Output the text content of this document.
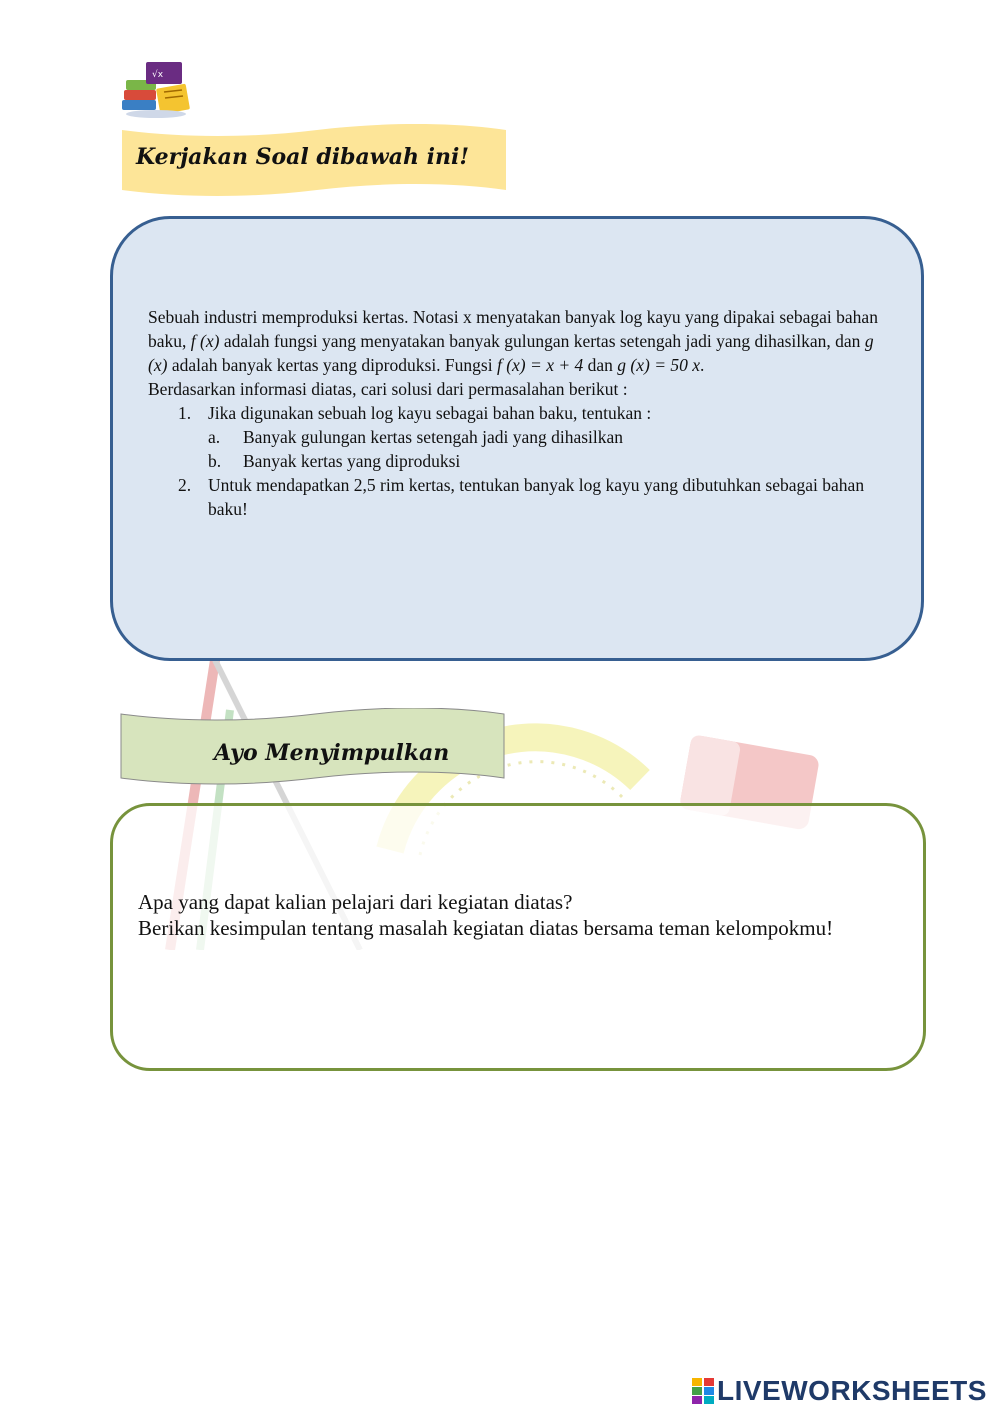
√x
Kerjakan Soal dibawah ini!

Sebuah industri memproduksi kertas. Notasi x menyatakan banyak log kayu yang dipakai sebagai bahan baku, f (x) adalah fungsi yang menyatakan banyak gulungan kertas setengah jadi yang dihasilkan, dan g (x) adalah banyak kertas yang diproduksi. Fungsi f (x) = x + 4 dan g (x) = 50 x.

Berdasarkan informasi diatas, cari solusi dari permasalahan berikut :

1. Jika digunakan sebuah log kayu sebagai bahan baku, tentukan :
a. Banyak gulungan kertas setengah jadi yang dihasilkan
b. Banyak kertas yang diproduksi
2. Untuk mendapatkan 2,5 rim kertas, tentukan banyak log kayu yang dibutuhkan sebagai bahan baku!
Ayo Menyimpulkan

Apa yang dapat kalian pelajari dari kegiatan diatas?

Berikan kesimpulan tentang masalah kegiatan diatas bersama teman kelompokmu!

LIVEWORKSHEETS
